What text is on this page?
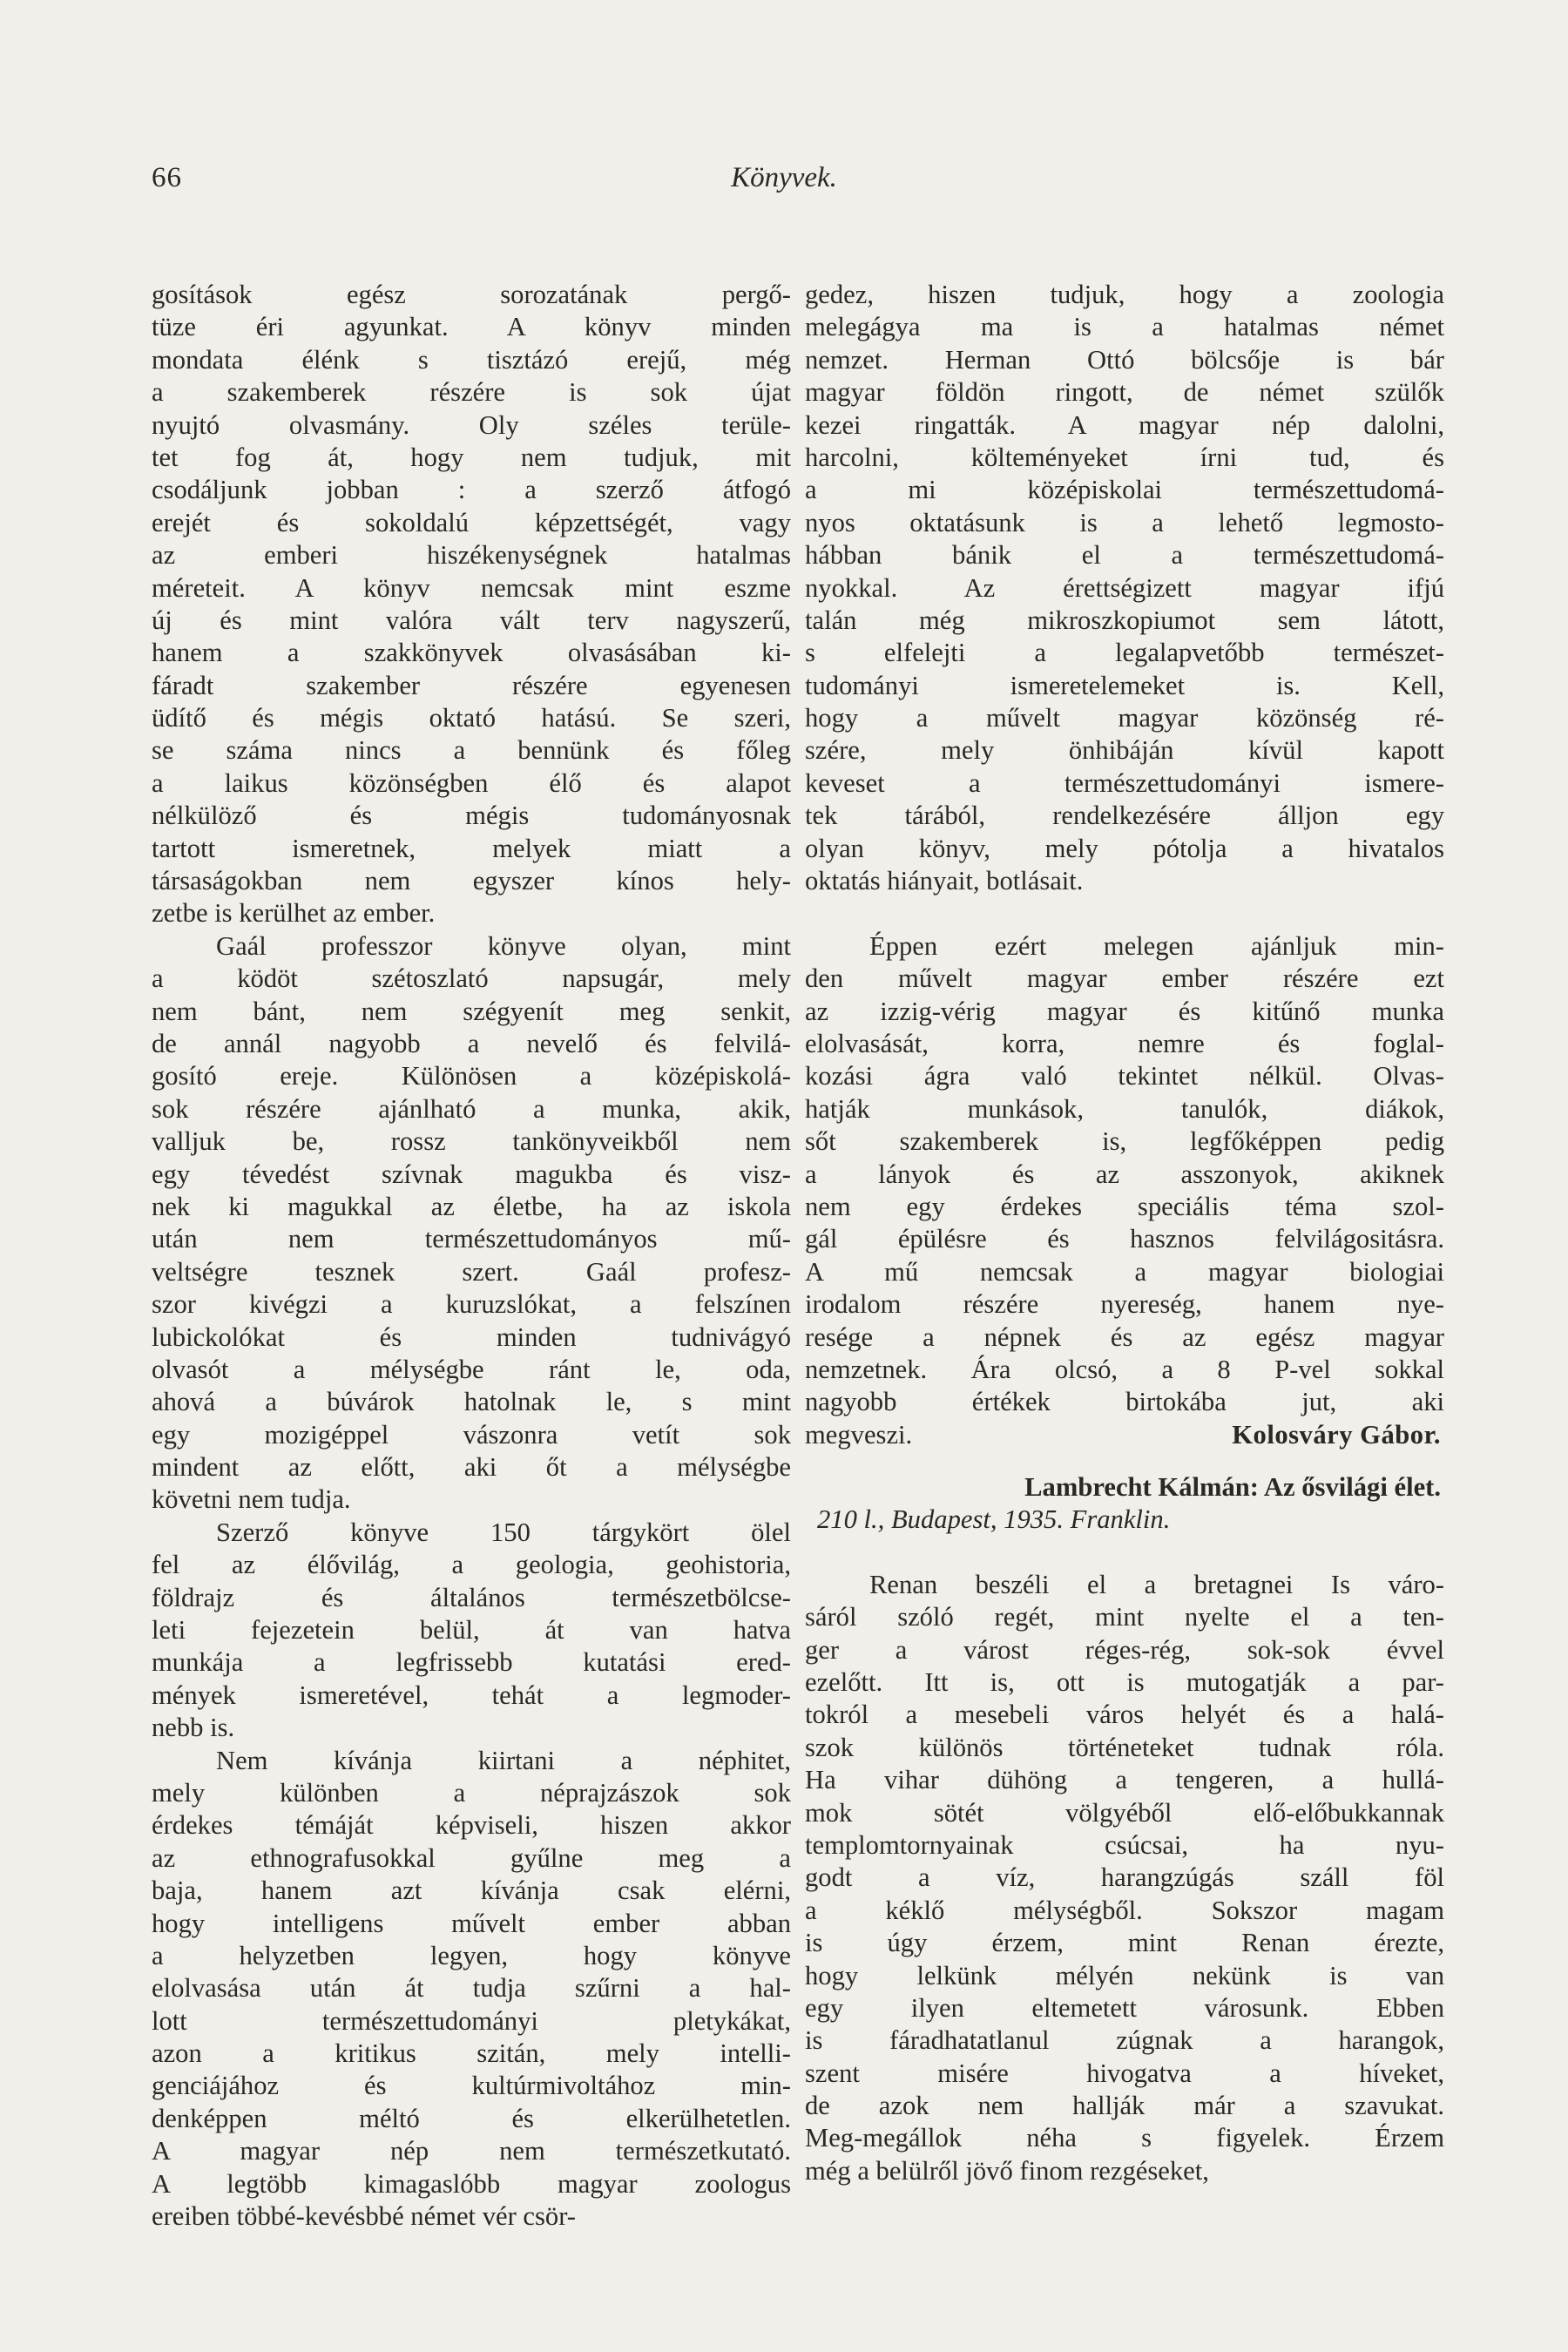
66	Könyvek.
gosítások egész sorozatának pergő-
tüze éri agyunkat. A könyv minden
mondata élénk s tisztázó erejű, még
a szakemberek részére is sok újat
nyujtó olvasmány. Oly széles terüle-
tet fog át, hogy nem tudjuk, mit
csodáljunk jobban : a szerző átfogó
erejét és sokoldalú képzettségét, vagy
az emberi hiszékenységnek hatalmas
méreteit. A könyv nemcsak mint eszme
új és mint valóra vált terv nagyszerű,
hanem a szakkönyvek olvasásában ki-
fáradt szakember részére egyenesen
üdítő és mégis oktató hatású. Se szeri,
se száma nincs a bennünk és főleg
a laikus közönségben élő és alapot
nélkülöző és mégis tudományosnak
tartott ismeretnek, melyek miatt a
társaságokban nem egyszer kínos hely-
zetbe is kerülhet az ember.
Gaál professzor könyve olyan, mint
a ködöt szétoszlató napsugár, mely
nem bánt, nem szégyenít meg senkit,
de annál nagyobb a nevelő és felvilá-
gosító ereje. Különösen a középiskolá-
sok részére ajánlható a munka, akik,
valljuk be, rossz tankönyveikből nem
egy tévedést szívnak magukba és visz-
nek ki magukkal az életbe, ha az iskola
után nem természettudományos mű-
veltségre tesznek szert. Gaál profesz-
szor kivégzi a kuruzslókat, a felszínen
lubickolókat és minden tudnivágyó
olvasót a mélységbe ránt le, oda,
ahová a búvárok hatolnak le, s mint
egy mozigéppel vászonra vetít sok
mindent az előtt, aki őt a mélységbe
követni nem tudja.
Szerző könyve 150 tárgykört ölel
fel az élővilág, a geologia, geohistoria,
földrajz és általános természetbölcse-
leti fejezetein belül, át van hatva
munkája a legfrissebb kutatási ered-
mények ismeretével, tehát a legmoder-
nebb is.
Nem kívánja kiirtani a néphitet,
mely különben a néprajzászok sok
érdekes témáját képviseli, hiszen akkor
az ethnografusokkal gyűlne meg a
baja, hanem azt kívánja csak elérni,
hogy intelligens művelt ember abban
a helyzetben legyen, hogy könyve
elolvasása után át tudja szűrni a hal-
lott természettudományi pletykákat,
azon a kritikus szitán, mely intelli-
genciájához és kultúrmivoltához min-
denképpen méltó és elkerülhetetlen.
A magyar nép nem természetkutató.
A legtöbb kimagaslóbb magyar zoologus
ereiben többé-kevésbbé német vér csör-
gedez, hiszen tudjuk, hogy a zoologia
melegágya ma is a hatalmas német
nemzet. Herman Ottó bölcsője is bár
magyar földön ringott, de német szülők
kezei ringatták. A magyar nép dalolni,
harcolni, költeményeket írni tud, és
a mi középiskolai természettudomá-
nyos oktatásunk is a lehető legmosto-
hábban bánik el a természettudomá-
nyokkal. Az érettségizett magyar ifjú
talán még mikroszkopiumot sem látott,
s elfelejti a legalapvetőbb természet-
tudományi ismeretelemeket is. Kell,
hogy a művelt magyar közönség ré-
szére, mely önhibáján kívül kapott
keveset a természettudományi ismere-
tek tárából, rendelkezésére álljon egy
olyan könyv, mely pótolja a hivatalos
oktatás hiányait, botlásait.
Éppen ezért melegen ajánljuk min-
den művelt magyar ember részére ezt
az izzig-vérig magyar és kitűnő munka
elolvasását, korra, nemre és foglal-
kozási ágra való tekintet nélkül. Olvas-
hatják munkások, tanulók, diákok,
sőt szakemberek is, legfőképpen pedig
a lányok és az asszonyok, akiknek
nem egy érdekes speciális téma szol-
gál épülésre és hasznos felvilágositásra.
A mű nemcsak a magyar biologiai
irodalom részére nyereség, hanem nye-
resége a népnek és az egész magyar
nemzetnek. Ára olcsó, a 8 P-vel sokkal
nagyobb értékek birtokába jut, aki
megveszi.	Kolosváry Gábor.
Lambrecht Kálmán: Az ősvilági élet.
210 l., Budapest, 1935. Franklin.
Renan beszéli el a bretagnei Is váro-
sáról szóló regét, mint nyelte el a ten-
ger a várost réges-rég, sok-sok évvel
ezelőtt. Itt is, ott is mutogatják a par-
tokról a mesebeli város helyét és a halá-
szok különös történeteket tudnak róla.
Ha vihar dühöng a tengeren, a hullá-
mok sötét völgyéből elő-előbukkannak
templomtornyainak csúcsai, ha nyu-
godt a víz, harangzúgás száll föl
a kéklő mélységből. Sokszor magam
is úgy érzem, mint Renan érezte,
hogy lelkünk mélyén nekünk is van
egy ilyen eltemetett városunk. Ebben
is fáradhatatlanul zúgnak a harangok,
szent misére hivogatva a híveket,
de azok nem hallják már a szavukat.
Meg-megállok néha s figyelek. Érzem
még a belülről jövő finom rezgéseket,
